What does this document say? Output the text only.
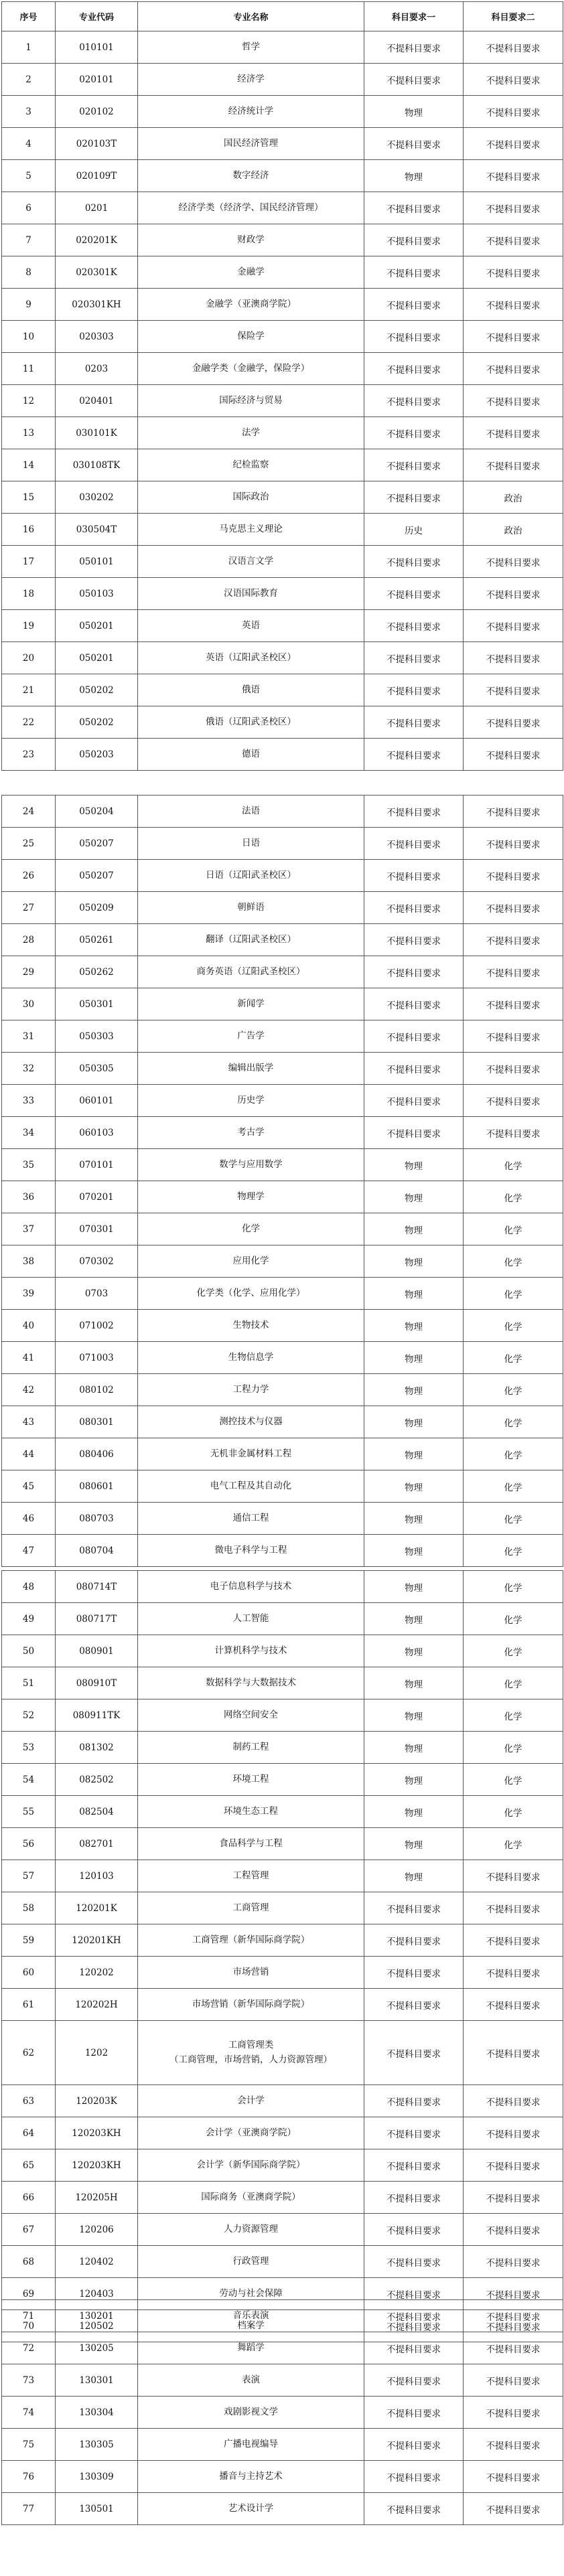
序号	专业代码	专业名称	科目要求一	科目要求二
1	010101	哲学	不提科目要求	不提科目要求
2	020101	经济学	不提科目要求	不提科目要求
3	020102	经济统计学	物理	不提科目要求
4	020103T	国民经济管理	不提科目要求	不提科目要求
5	020109T	数字经济	物理	不提科目要求
6	0201	经济学类（经济学、国民经济管理）	不提科目要求	不提科目要求
7	020201K	财政学	不提科目要求	不提科目要求
8	020301K	金融学	不提科目要求	不提科目要求
9	020301KH	金融学（亚澳商学院）	不提科目要求	不提科目要求
10	020303	保险学	不提科目要求	不提科目要求
11	0203	金融学类（金融学，保险学）	不提科目要求	不提科目要求
12	020401	国际经济与贸易	不提科目要求	不提科目要求
13	030101K	法学	不提科目要求	不提科目要求
14	030108TK	纪检监察	不提科目要求	不提科目要求
15	030202	国际政治	不提科目要求	政治
16	030504T	马克思主义理论	历史	政治
17	050101	汉语言文学	不提科目要求	不提科目要求
18	050103	汉语国际教育	不提科目要求	不提科目要求
19	050201	英语	不提科目要求	不提科目要求
20	050201	英语（辽阳武圣校区）	不提科目要求	不提科目要求
21	050202	俄语	不提科目要求	不提科目要求
22	050202	俄语（辽阳武圣校区）	不提科目要求	不提科目要求
23	050203	德语	不提科目要求	不提科目要求
24	050204	法语	不提科目要求	不提科目要求
25	050207	日语	不提科目要求	不提科目要求
26	050207	日语（辽阳武圣校区）	不提科目要求	不提科目要求
27	050209	朝鲜语	不提科目要求	不提科目要求
28	050261	翻译（辽阳武圣校区）	不提科目要求	不提科目要求
29	050262	商务英语（辽阳武圣校区）	不提科目要求	不提科目要求
30	050301	新闻学	不提科目要求	不提科目要求
31	050303	广告学	不提科目要求	不提科目要求
32	050305	编辑出版学	不提科目要求	不提科目要求
33	060101	历史学	不提科目要求	不提科目要求
34	060103	考古学	不提科目要求	不提科目要求
35	070101	数学与应用数学	物理	化学
36	070201	物理学	物理	化学
37	070301	化学	物理	化学
38	070302	应用化学	物理	化学
39	0703	化学类（化学、应用化学）	物理	化学
40	071002	生物技术	物理	化学
41	071003	生物信息学	物理	化学
42	080102	工程力学	物理	化学
43	080301	测控技术与仪器	物理	化学
44	080406	无机非金属材料工程	物理	化学
45	080601	电气工程及其自动化	物理	化学
46	080703	通信工程	物理	化学
47	080704	微电子科学与工程	物理	化学
48	080714T	电子信息科学与技术	物理	化学
49	080717T	人工智能	物理	化学
50	080901	计算机科学与技术	物理	化学
51	080910T	数据科学与大数据技术	物理	化学
52	080911TK	网络空间安全	物理	化学
53	081302	制药工程	物理	化学
54	082502	环境工程	物理	化学
55	082504	环境生态工程	物理	化学
56	082701	食品科学与工程	物理	化学
57	120103	工程管理	物理	不提科目要求
58	120201K	工商管理	不提科目要求	不提科目要求
59	120201KH	工商管理（新华国际商学院）	不提科目要求	不提科目要求
60	120202	市场营销	不提科目要求	不提科目要求
61	120202H	市场营销（新华国际商学院）	不提科目要求	不提科目要求
62	1202	工商管理类
（工商管理，市场营销，人力资源管理）	不提科目要求	不提科目要求
63	120203K	会计学	不提科目要求	不提科目要求
64	120203KH	会计学（亚澳商学院）	不提科目要求	不提科目要求
65	120203KH	会计学（新华国际商学院）	不提科目要求	不提科目要求
66	120205H	国际商务（亚澳商学院）	不提科目要求	不提科目要求
67	120206	人力资源管理	不提科目要求	不提科目要求
68	120402	行政管理	不提科目要求	不提科目要求
69	120403	劳动与社会保障	不提科目要求	不提科目要求
70	120502	档案学	不提科目要求	不提科目要求
71	130201	音乐表演	不提科目要求	不提科目要求
72	130205	舞蹈学	不提科目要求	不提科目要求
73	130301	表演	不提科目要求	不提科目要求
74	130304	戏剧影视文学	不提科目要求	不提科目要求
75	130305	广播电视编导	不提科目要求	不提科目要求
76	130309	播音与主持艺术	不提科目要求	不提科目要求
77	130501	艺术设计学	不提科目要求	不提科目要求
